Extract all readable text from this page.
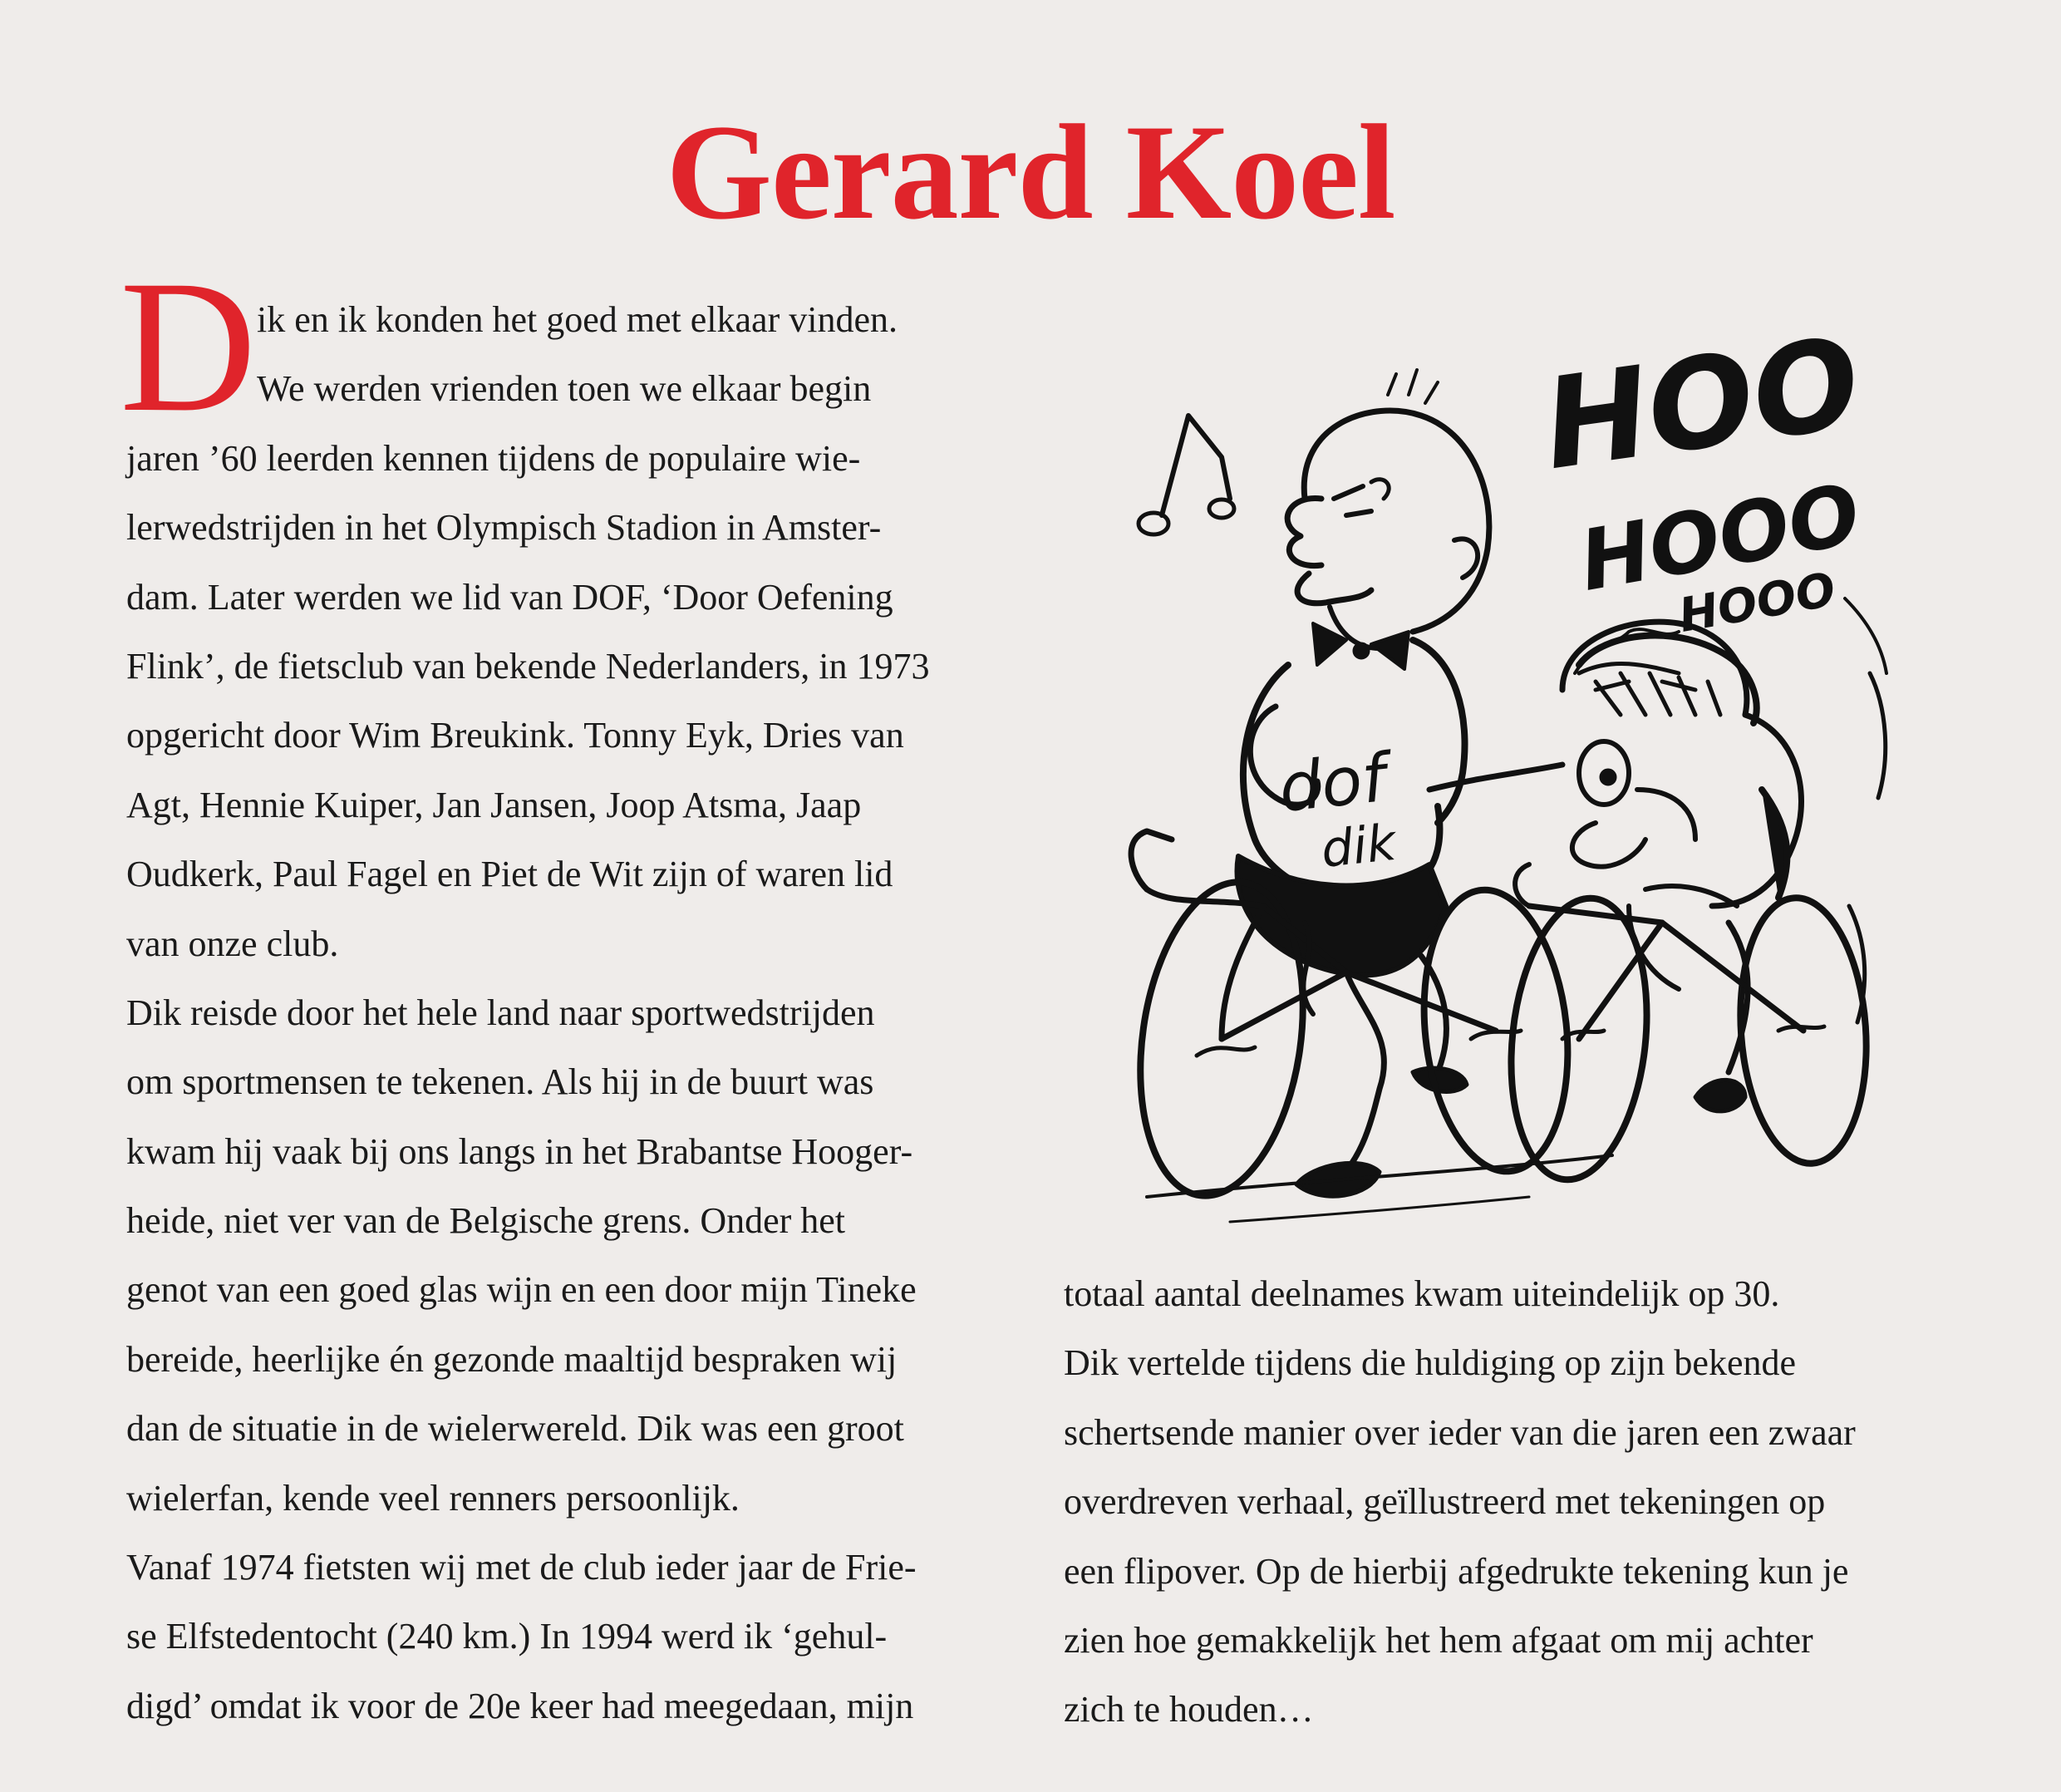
Gerard Koel
D ik en ik konden het goed met elkaar vinden.
We werden vrienden toen we elkaar begin
jaren ’60 leerden kennen tijdens de populaire wie-
lerwedstrijden in het Olympisch Stadion in Amster-
dam. Later werden we lid van DOF, ‘Door Oefening
Flink’, de fietsclub van bekende Nederlanders, in 1973
opgericht door Wim Breukink. Tonny Eyk, Dries van
Agt, Hennie Kuiper, Jan Jansen, Joop Atsma, Jaap
Oudkerk, Paul Fagel en Piet de Wit zijn of waren lid
van onze club.
Dik reisde door het hele land naar sportwedstrijden
om sportmensen te tekenen. Als hij in de buurt was
kwam hij vaak bij ons langs in het Brabantse Hooger-
heide, niet ver van de Belgische grens. Onder het
genot van een goed glas wijn en een door mijn Tineke
bereide, heerlijke én gezonde maaltijd bespraken wij
dan de situatie in de wielerwereld. Dik was een groot
wielerfan, kende veel renners persoonlijk.
Vanaf 1974 fietsten wij met de club ieder jaar de Frie-
se Elfstedentocht (240 km.) In 1994 werd ik ‘gehul-
digd’ omdat ik voor de 20e keer had meegedaan, mijn
HOO !
HOOO !!
HOOO
dof
dik
totaal aantal deelnames kwam uiteindelijk op 30.
Dik vertelde tijdens die huldiging op zijn bekende
schertsende manier over ieder van die jaren een zwaar
overdreven verhaal, geïllustreerd met tekeningen op
een flipover. Op de hierbij afgedrukte tekening kun je
zien hoe gemakkelijk het hem afgaat om mij achter
zich te houden…
